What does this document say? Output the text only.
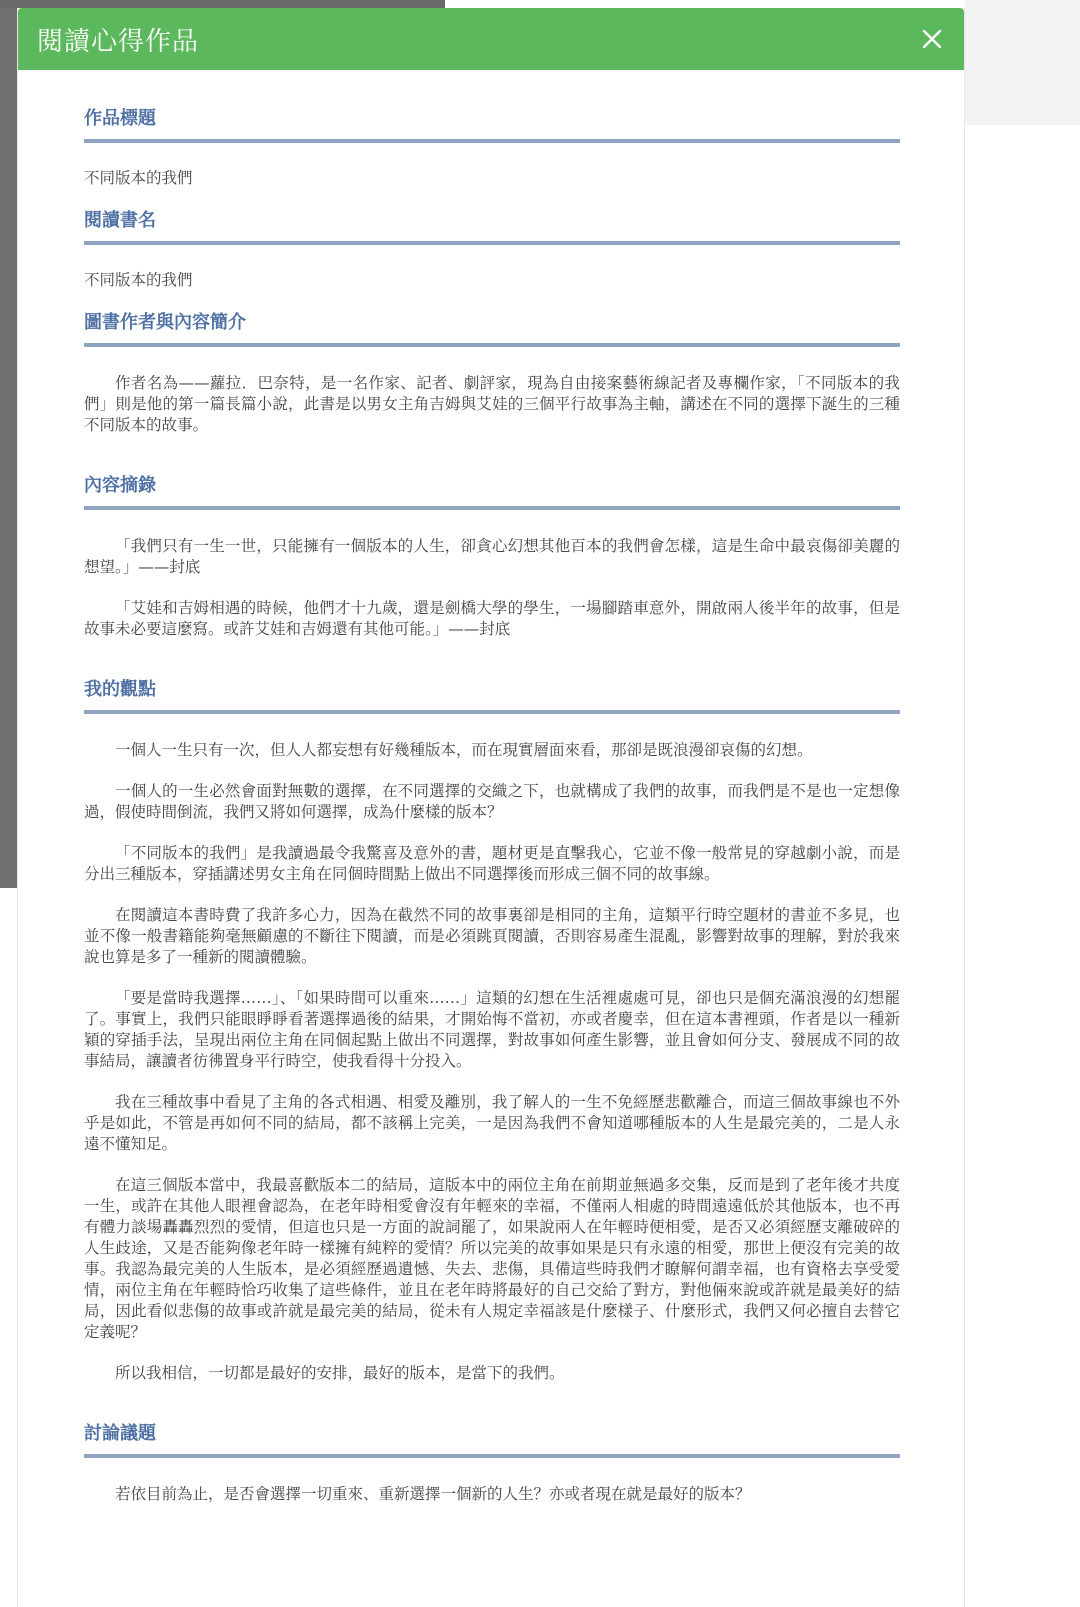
閱讀心得作品
作品標題

不同版本的我們

閱讀書名

不同版本的我們

圖書作者與內容簡介

作者名為——蘿拉．巴奈特，是一名作家、記者、劇評家，現為自由接案藝術線記者及專欄作家，「不同版本的我們」則是他的第一篇長篇小說，此書是以男女主角吉姆與艾娃的三個平行故事為主軸，講述在不同的選擇下誕生的三種不同版本的故事。

內容摘錄

「我們只有一生一世，只能擁有一個版本的人生，卻貪心幻想其他百本的我們會怎樣，這是生命中最哀傷卻美麗的想望。」——封底

「艾娃和吉姆相遇的時候，他們才十九歲，還是劍橋大學的學生，一場腳踏車意外，開啟兩人後半年的故事，但是故事未必要這麼寫。或許艾娃和吉姆還有其他可能。」——封底

我的觀點

一個人一生只有一次，但人人都妄想有好幾種版本，而在現實層面來看，那卻是既浪漫卻哀傷的幻想。

一個人的一生必然會面對無數的選擇，在不同選擇的交織之下，也就構成了我們的故事，而我們是不是也一定想像過，假使時間倒流，我們又將如何選擇，成為什麼樣的版本？

「不同版本的我們」是我讀過最令我驚喜及意外的書，題材更是直擊我心，它並不像一般常見的穿越劇小說，而是分出三種版本，穿插講述男女主角在同個時間點上做出不同選擇後而形成三個不同的故事線。

在閱讀這本書時費了我許多心力，因為在截然不同的故事裏卻是相同的主角，這類平行時空題材的書並不多見，也並不像一般書籍能夠毫無顧慮的不斷往下閱讀，而是必須跳頁閱讀，否則容易產生混亂，影響對故事的理解，對於我來說也算是多了一種新的閱讀體驗。

「要是當時我選擇……」、「如果時間可以重來……」這類的幻想在生活裡處處可見，卻也只是個充滿浪漫的幻想罷了。事實上，我們只能眼睜睜看著選擇過後的結果，才開始悔不當初，亦或者慶幸，但在這本書裡頭，作者是以一種新穎的穿插手法，呈現出兩位主角在同個起點上做出不同選擇，對故事如何產生影響，並且會如何分支、發展成不同的故事結局，讓讀者彷彿置身平行時空，使我看得十分投入。

我在三種故事中看見了主角的各式相遇、相愛及離別，我了解人的一生不免經歷悲歡離合，而這三個故事線也不外乎是如此，不管是再如何不同的結局，都不該稱上完美，一是因為我們不會知道哪種版本的人生是最完美的，二是人永遠不懂知足。

在這三個版本當中，我最喜歡版本二的結局，這版本中的兩位主角在前期並無過多交集，反而是到了老年後才共度一生，或許在其他人眼裡會認為，在老年時相愛會沒有年輕來的幸福，不僅兩人相處的時間遠遠低於其他版本，也不再有體力談場轟轟烈烈的愛情，但這也只是一方面的說詞罷了，如果說兩人在年輕時便相愛，是否又必須經歷支離破碎的人生歧途，又是否能夠像老年時一樣擁有純粹的愛情？所以完美的故事如果是只有永遠的相愛，那世上便沒有完美的故事。我認為最完美的人生版本，是必須經歷過遺憾、失去、悲傷，具備這些時我們才瞭解何謂幸福，也有資格去享受愛情，兩位主角在年輕時恰巧收集了這些條件，並且在老年時將最好的自己交給了對方，對他倆來說或許就是最美好的結局，因此看似悲傷的故事或許就是最完美的結局，從未有人規定幸福該是什麼樣子、什麼形式，我們又何必擅自去替它定義呢？

所以我相信，一切都是最好的安排，最好的版本，是當下的我們。

討論議題

若依目前為止，是否會選擇一切重來、重新選擇一個新的人生？亦或者現在就是最好的版本？
